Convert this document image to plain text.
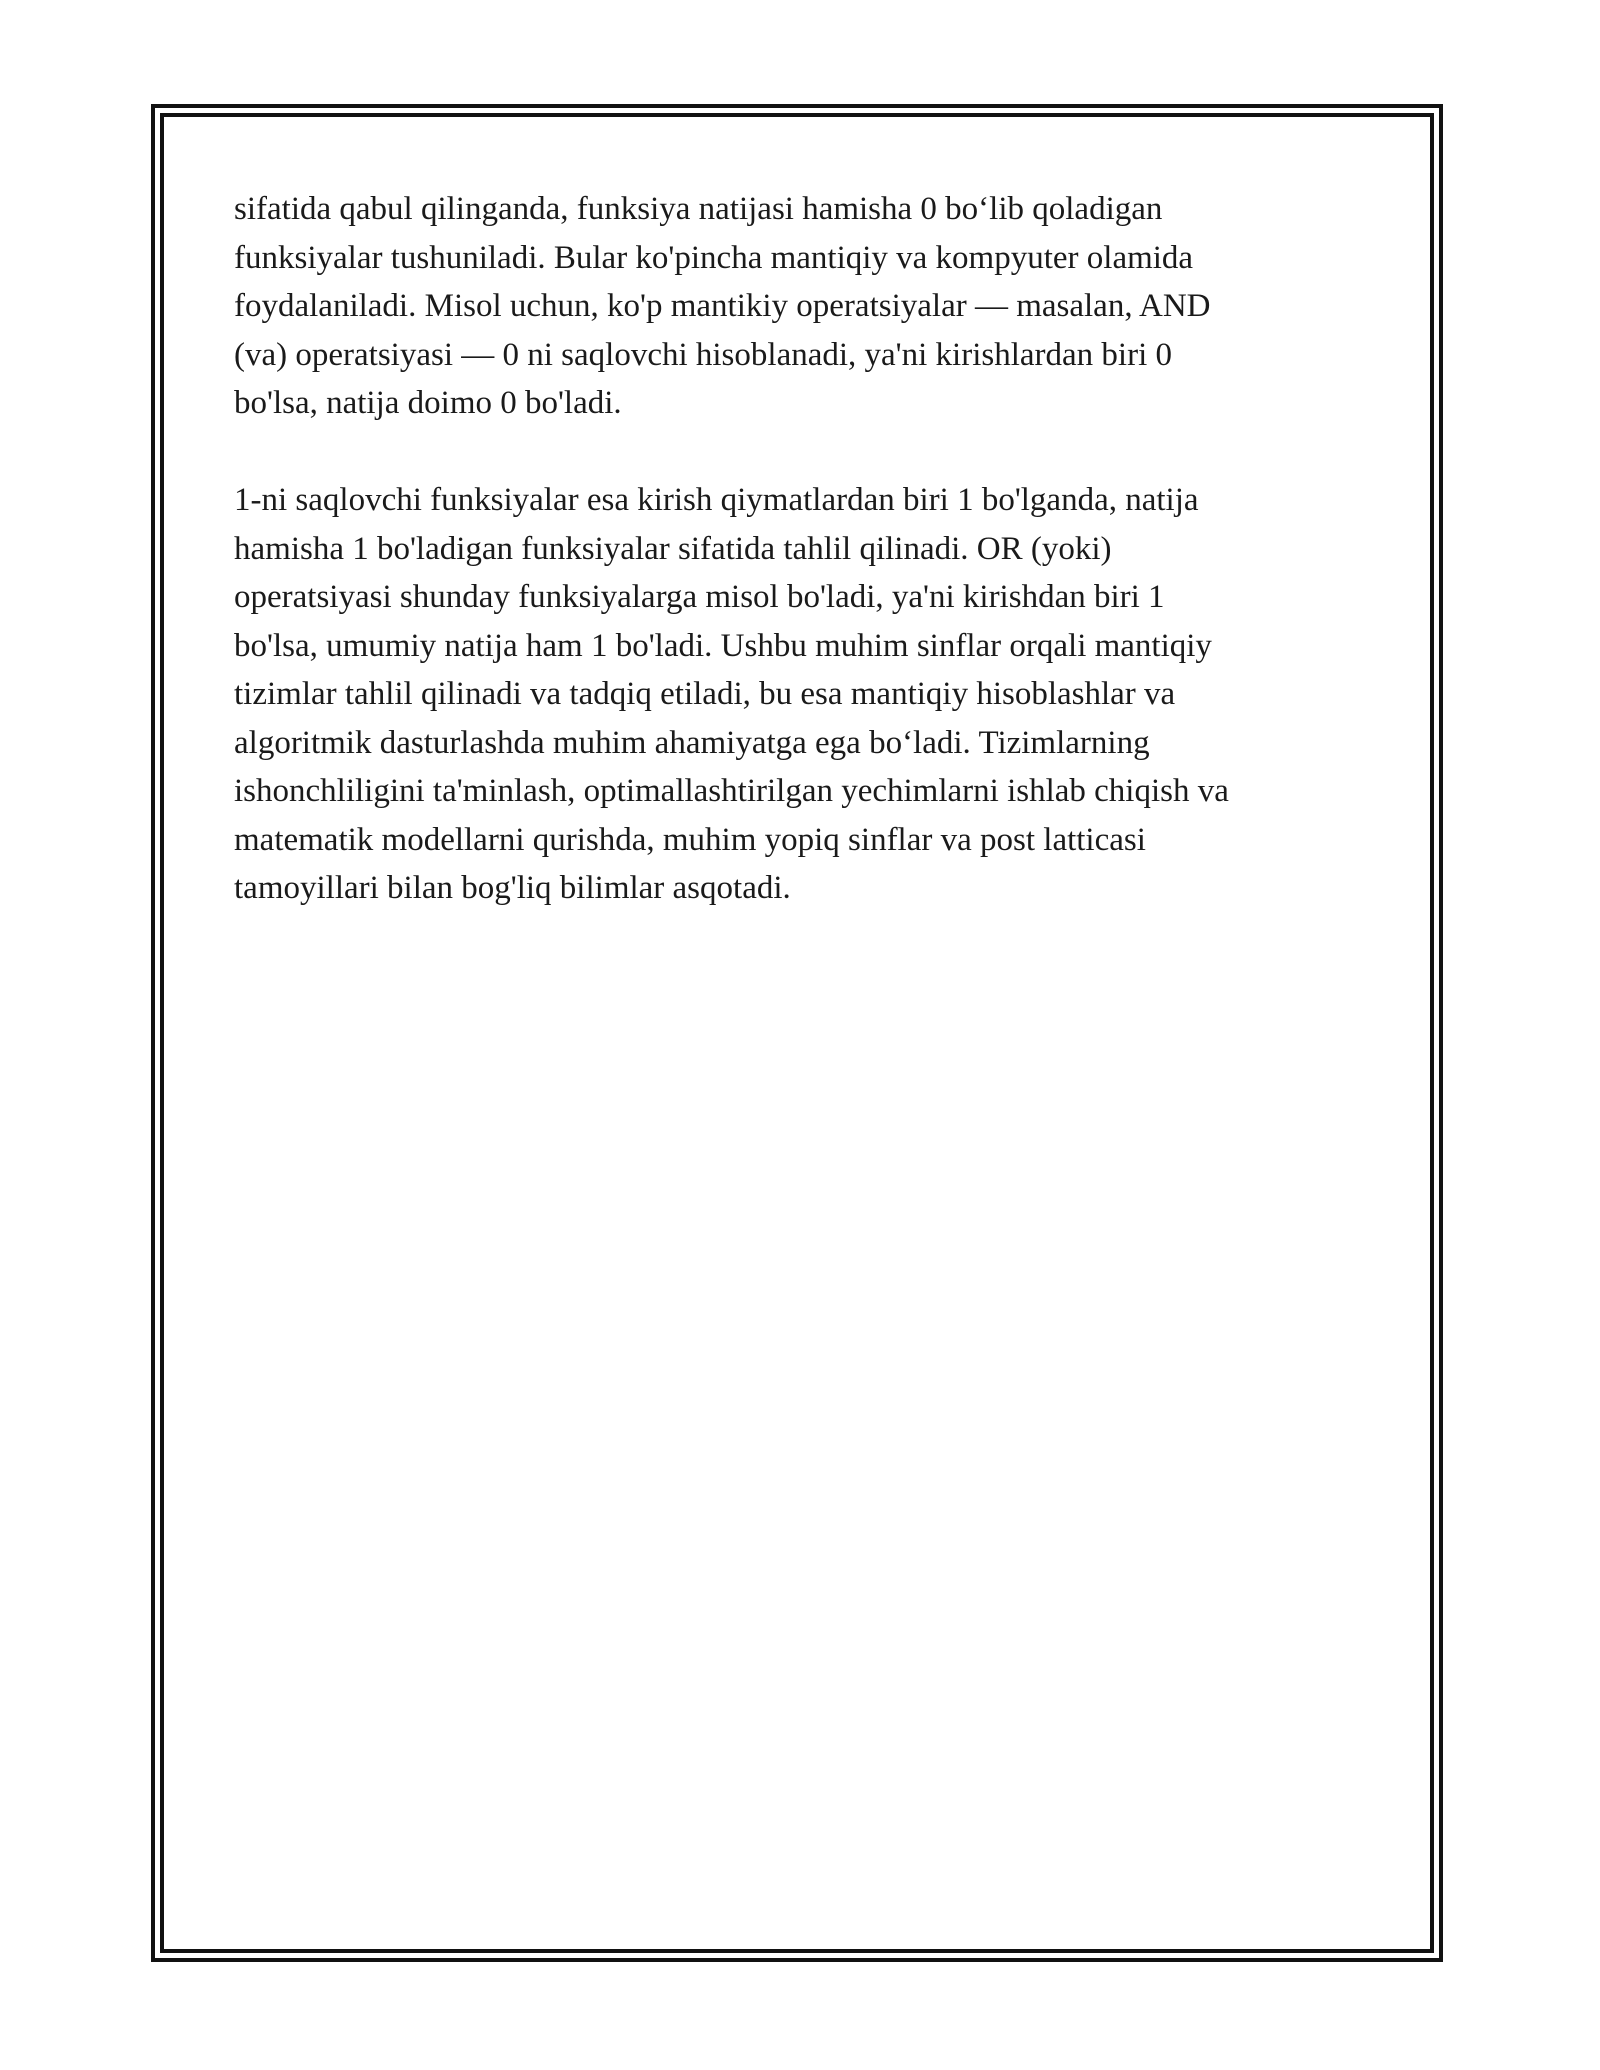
sifatida qabul qilinganda, funksiya natijasi hamisha 0 bo‘lib qoladigan
funksiyalar tushuniladi. Bular ko'pincha mantiqiy va kompyuter olamida
foydalaniladi. Misol uchun, ko'p mantikiy operatsiyalar — masalan, AND
(va) operatsiyasi — 0 ni saqlovchi hisoblanadi, ya'ni kirishlardan biri 0
bo'lsa, natija doimo 0 bo'ladi.

1-ni saqlovchi funksiyalar esa kirish qiymatlardan biri 1 bo'lganda, natija
hamisha 1 bo'ladigan funksiyalar sifatida tahlil qilinadi. OR (yoki)
operatsiyasi shunday funksiyalarga misol bo'ladi, ya'ni kirishdan biri 1
bo'lsa, umumiy natija ham 1 bo'ladi. Ushbu muhim sinflar orqali mantiqiy
tizimlar tahlil qilinadi va tadqiq etiladi, bu esa mantiqiy hisoblashlar va
algoritmik dasturlashda muhim ahamiyatga ega bo‘ladi. Tizimlarning
ishonchliligini ta'minlash, optimallashtirilgan yechimlarni ishlab chiqish va
matematik modellarni qurishda, muhim yopiq sinflar va post latticasi
tamoyillari bilan bog'liq bilimlar asqotadi.
